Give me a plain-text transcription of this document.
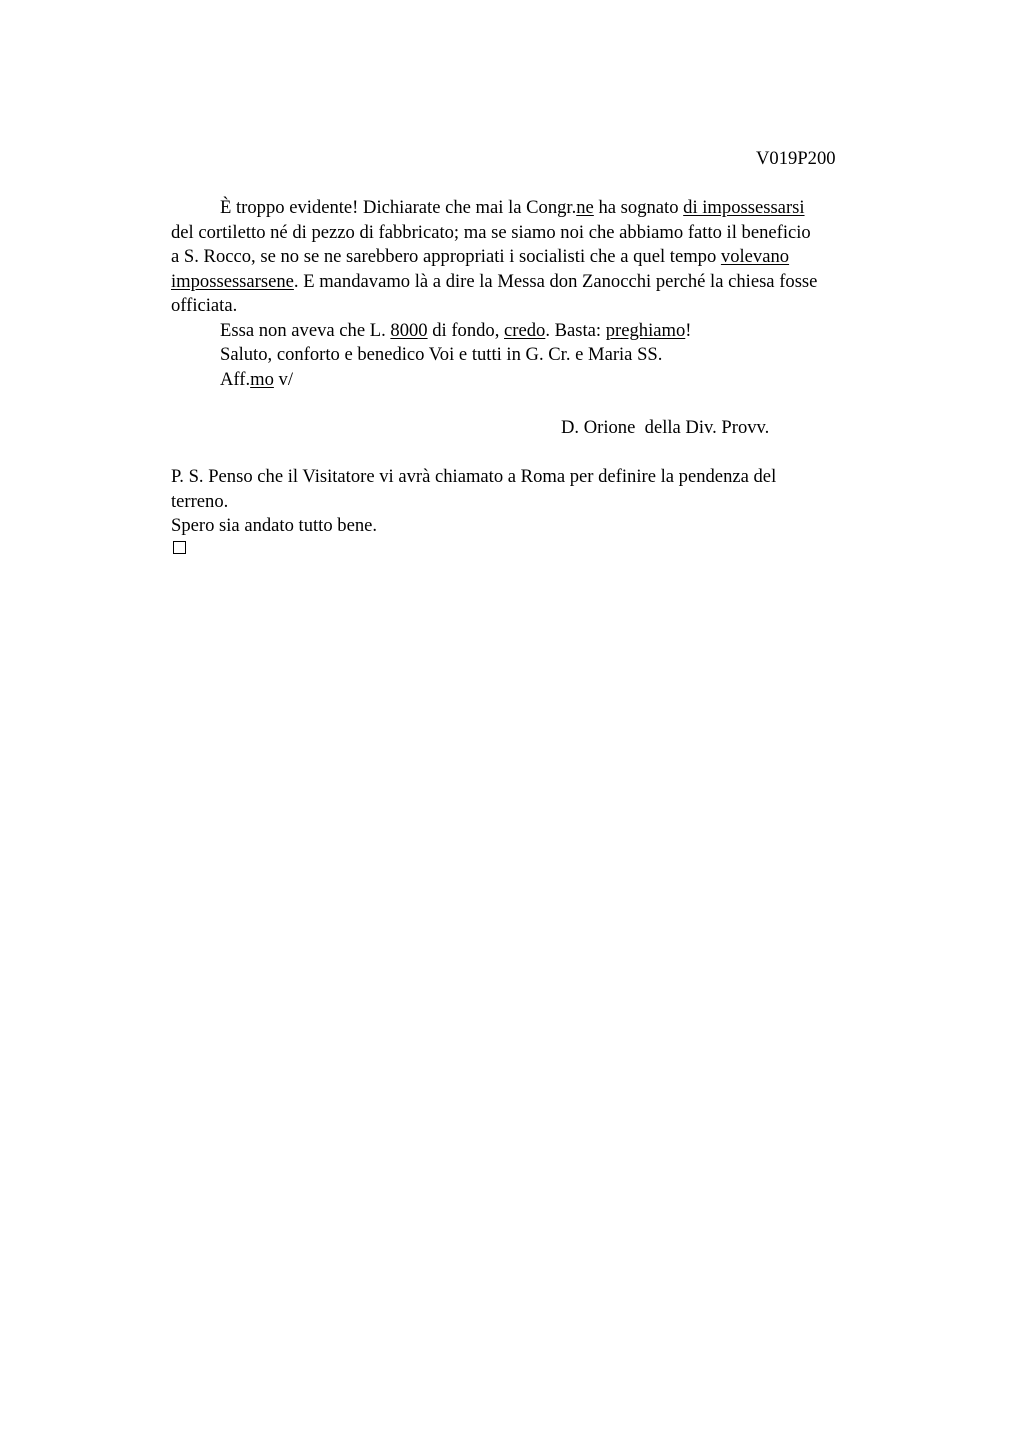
V019P200
È troppo evidente! Dichiarate che mai la Congr.ne ha sognato di impossessarsi
del cortiletto né di pezzo di fabbricato; ma se siamo noi che abbiamo fatto il beneficio
a S. Rocco, se no se ne sarebbero appropriati i socialisti che a quel tempo volevano
impossessarsene. E mandavamo là a dire la Messa don Zanocchi perché la chiesa fosse
officiata.
Essa non aveva che L. 8000 di fondo, credo. Basta: preghiamo!
Saluto, conforto e benedico Voi e tutti in G. Cr. e Maria SS.
Aff.mo v/
D. Orione  della Div. Provv.
P. S. Penso che il Visitatore vi avrà chiamato a Roma per definire la pendenza del
terreno.
Spero sia andato tutto bene.
